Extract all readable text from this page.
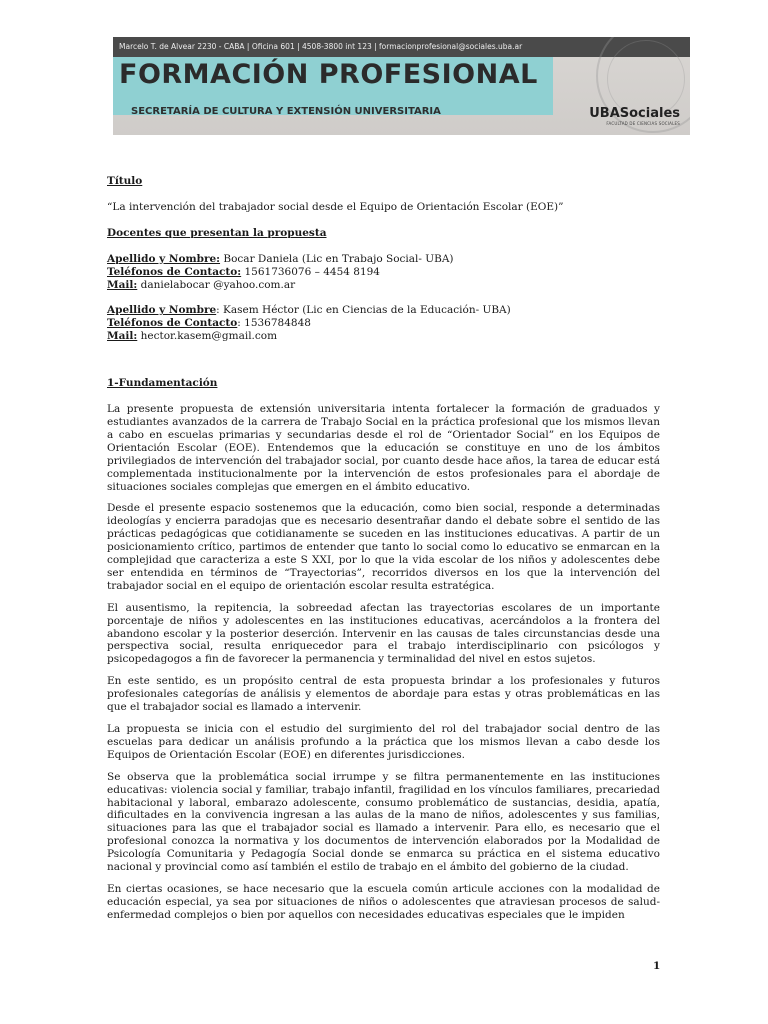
Marcelo T. de Alvear 2230 - CABA | Oficina 601 | 4508-3800 int 123 | formacionprofesional@sociales.uba.ar
FORMACIÓN PROFESIONAL
SECRETARÍA DE CULTURA Y EXTENSIÓN UNIVERSITARIA	UBASociales
FACULTAD DE CIENCIAS SOCIALES
Título
“La intervención del trabajador social desde el Equipo de Orientación Escolar (EOE)”
Docentes que presentan la propuesta
Apellido y Nombre: Bocar Daniela (Lic en Trabajo Social- UBA)
Teléfonos de Contacto: 1561736076 – 4454 8194
Mail: danielabocar @yahoo.com.ar
Apellido y Nombre: Kasem Héctor (Lic en Ciencias de la Educación- UBA)
Teléfonos de Contacto: 1536784848
Mail: hector.kasem@gmail.com
1-Fundamentación

La presente propuesta de extensión universitaria intenta fortalecer la formación de graduados y estudiantes avanzados de la carrera de Trabajo Social en la práctica profesional que los mismos llevan a cabo en escuelas primarias y secundarias desde el rol de “Orientador Social” en los Equipos de Orientación Escolar (EOE). Entendemos que la educación se constituye en uno de los ámbitos privilegiados de intervención del trabajador social, por cuanto desde hace años, la tarea de educar está complementada institucionalmente por la intervención de estos profesionales para el abordaje de situaciones sociales complejas que emergen en el ámbito educativo.

Desde el presente espacio sostenemos que la educación, como bien social, responde a determinadas ideologías y encierra paradojas que es necesario desentrañar dando el debate sobre el sentido de las prácticas pedagógicas que cotidianamente se suceden en las instituciones educativas. A partir de un posicionamiento crítico, partimos de entender que tanto lo social como lo educativo se enmarcan en la complejidad que caracteriza a este S XXI, por lo que la vida escolar de los niños y adolescentes debe ser entendida en términos de “Trayectorias”, recorridos diversos en los que la intervención del trabajador social en el equipo de orientación escolar resulta estratégica.

El ausentismo, la repitencia, la sobreedad afectan las trayectorias escolares de un importante porcentaje de niños y adolescentes en las instituciones educativas, acercándolos a la frontera del abandono escolar y la posterior deserción. Intervenir en las causas de tales circunstancias desde una perspectiva social, resulta enriquecedor para el trabajo interdisciplinario con psicólogos y psicopedagogos a fin de favorecer la permanencia y terminalidad del nivel en estos sujetos.

En este sentido, es un propósito central de esta propuesta brindar a los profesionales y futuros profesionales categorías de análisis y elementos de abordaje para estas y otras problemáticas en las que el trabajador social es llamado a intervenir.

La propuesta se inicia con el estudio del surgimiento del rol del trabajador social dentro de las escuelas para dedicar un análisis profundo a la práctica que los mismos llevan a cabo desde los Equipos de Orientación Escolar (EOE) en diferentes jurisdicciones.

Se observa que la problemática social irrumpe y se filtra permanentemente en las instituciones educativas: violencia social y familiar, trabajo infantil, fragilidad en los vínculos familiares, precariedad habitacional y laboral, embarazo adolescente, consumo problemático de sustancias, desidia, apatía, dificultades en la convivencia ingresan a las aulas de la mano de niños, adolescentes y sus familias, situaciones para las que el trabajador social es llamado a intervenir. Para ello, es necesario que el profesional conozca la normativa y los documentos de intervención elaborados por la Modalidad de Psicología Comunitaria y Pedagogía Social donde se enmarca su práctica en el sistema educativo nacional y provincial como así también el estilo de trabajo en el ámbito del gobierno de la ciudad.

En ciertas ocasiones, se hace necesario que la escuela común articule acciones con la modalidad de educación especial, ya sea por situaciones de niños o adolescentes que atraviesan procesos de salud-enfermedad complejos o bien por aquellos con necesidades educativas especiales que le impiden

1
